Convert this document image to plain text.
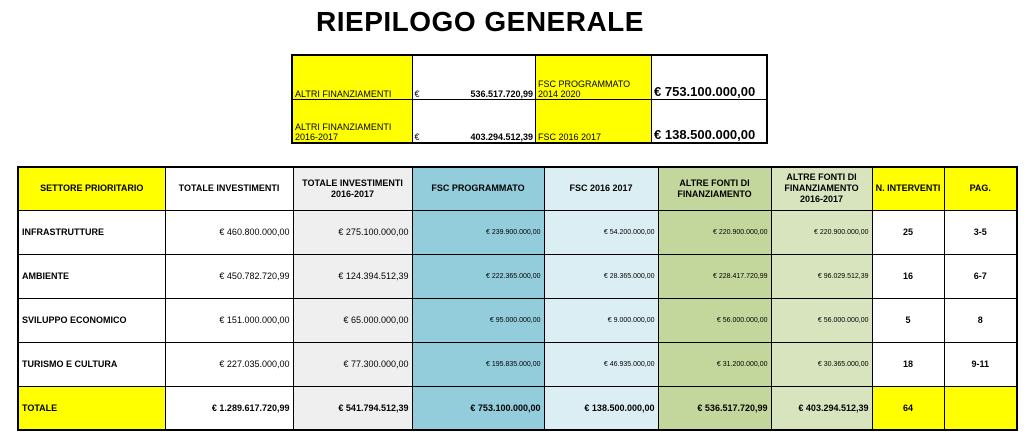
RIEPILOGO GENERALE
ALTRI FINANZIAMENTI	€	536.517.720,99	FSC PROGRAMMATO 2014 2020	€ 753.100.000,00
ALTRI FINANZIAMENTI 2016-2017	€	403.294.512,39	FSC 2016 2017	€ 138.500.000,00
SETTORE PRIORITARIO	TOTALE INVESTIMENTI	TOTALE INVESTIMENTI 2016-2017	FSC PROGRAMMATO	FSC 2016 2017	ALTRE FONTI DI FINANZIAMENTO	ALTRE FONTI DI FINANZIAMENTO 2016-2017	N. INTERVENTI	PAG.
INFRASTRUTTURE	€ 460.800.000,00	€ 275.100.000,00	€ 239.900.000,00	€ 54.200.000,00	€ 220.900.000,00	€ 220.900.000,00	25	3-5
AMBIENTE	€ 450.782.720,99	€ 124.394.512,39	€ 222.365.000,00	€ 28.365.000,00	€ 228.417.720,99	€ 96.029.512,39	16	6-7
SVILUPPO ECONOMICO	€ 151.000.000,00	€ 65.000.000,00	€ 95.000.000,00	€ 9.000.000,00	€ 56.000.000,00	€ 56.000.000,00	5	8
TURISMO E CULTURA	€ 227.035.000,00	€ 77.300.000,00	€ 195.835.000,00	€ 46.935.000,00	€ 31.200.000,00	€ 30.365.000,00	18	9-11
TOTALE	€ 1.289.617.720,99	€ 541.794.512,39	€ 753.100.000,00	€ 138.500.000,00	€ 536.517.720,99	€ 403.294.512,39	64	
